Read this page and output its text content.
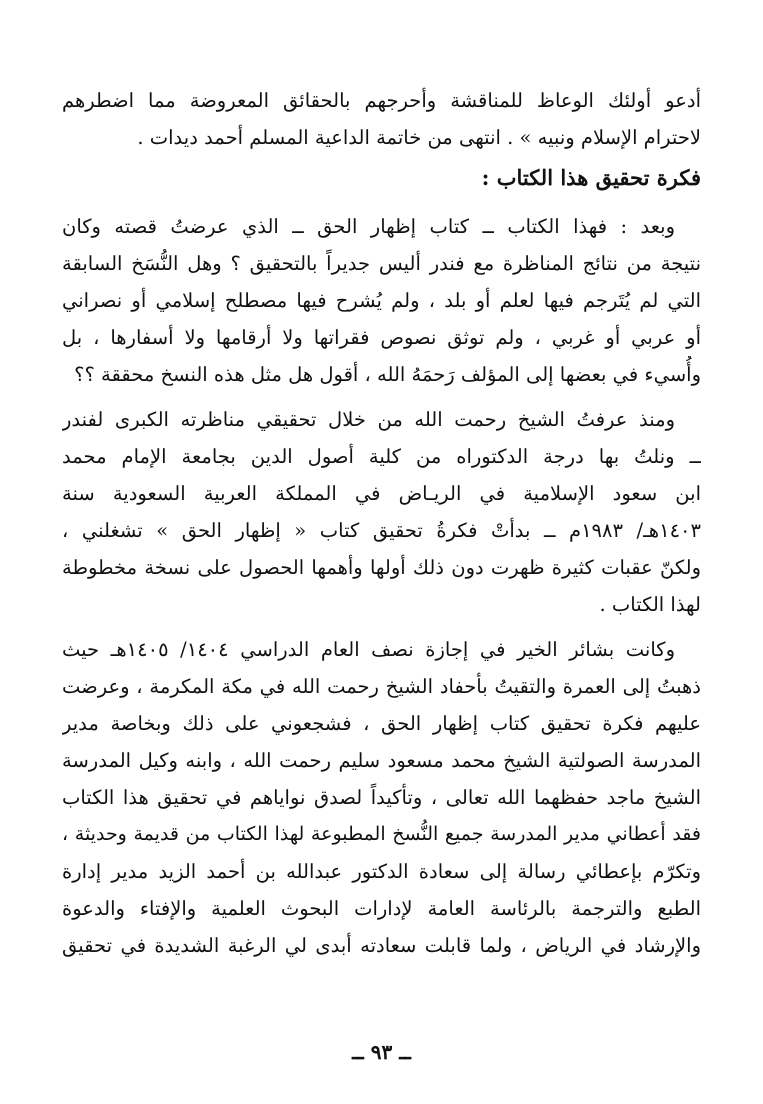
أدعو أولئك الوعاظ للمناقشة وأحرجهم بالحقائق المعروضة مما اضطرهم
لاحترام الإسلام ونبيه » . انتهى من خاتمة الداعية المسلم أحمد ديدات .
فكرة تحقيق هذا الكتاب :
وبعد : فهذا الكتاب ــ كتاب إظهار الحق ــ الذي عرضتُ قصته وكان
نتيجة من نتائج المناظرة مع فندر أليس جديراً بالتحقيق ؟ وهل النُّسَخ السابقة
التي لم يُتَرجم فيها لعلم أو بلد ، ولم يُشرح فيها مصطلح إسلامي أو نصراني
أو عربي أو غربي ، ولم توثق نصوص فقراتها ولا أرقامها ولا أسفارها ، بل
وأُسيء في بعضها إلى المؤلف رَحمَهُ الله ، أقول هل مثل هذه النسخ محققة ؟؟
ومنذ عرفتُ الشيخ رحمت الله من خلال تحقيقي مناظرته الكبرى لفندر
ــ ونلتُ بها درجة الدكتوراه من كلية أصول الدين بجامعة الإمام محمد
ابن سعود الإسلامية في الريـاض في المملكة العربية السعودية سنة
١٤٠٣هـ/ ١٩٨٣م ــ بدأتْ فكرةُ تحقيق كتاب « إظهار الحق » تشغلني ،
ولكنّ عقبات كثيرة ظهرت دون ذلك أولها وأهمها الحصول على نسخة مخطوطة
لهذا الكتاب .
وكانت بشائر الخير في إجازة نصف العام الدراسي ١٤٠٤/ ١٤٠٥هـ حيث
ذهبتُ إلى العمرة والتقيتُ بأحفاد الشيخ رحمت الله في مكة المكرمة ، وعرضت
عليهم فكرة تحقيق كتاب إظهار الحق ، فشجعوني على ذلك وبخاصة مدير
المدرسة الصولتية الشيخ محمد مسعود سليم رحمت الله ، وابنه وكيل المدرسة
الشيخ ماجد حفظهما الله تعالى ، وتأكيداً لصدق نواياهم في تحقيق هذا الكتاب
فقد أعطاني مدير المدرسة جميع النُّسخ المطبوعة لهذا الكتاب من قديمة وحديثة ،
وتكرّم بإعطائي رسالة إلى سعادة الدكتور عبدالله بن أحمد الزيد مدير إدارة
الطبع والترجمة بالرئاسة العامة لإدارات البحوث العلمية والإفتاء والدعوة
والإرشاد في الرياض ، ولما قابلت سعادته أبدى لي الرغبة الشديدة في تحقيق
ــ ٩٣ ــ
